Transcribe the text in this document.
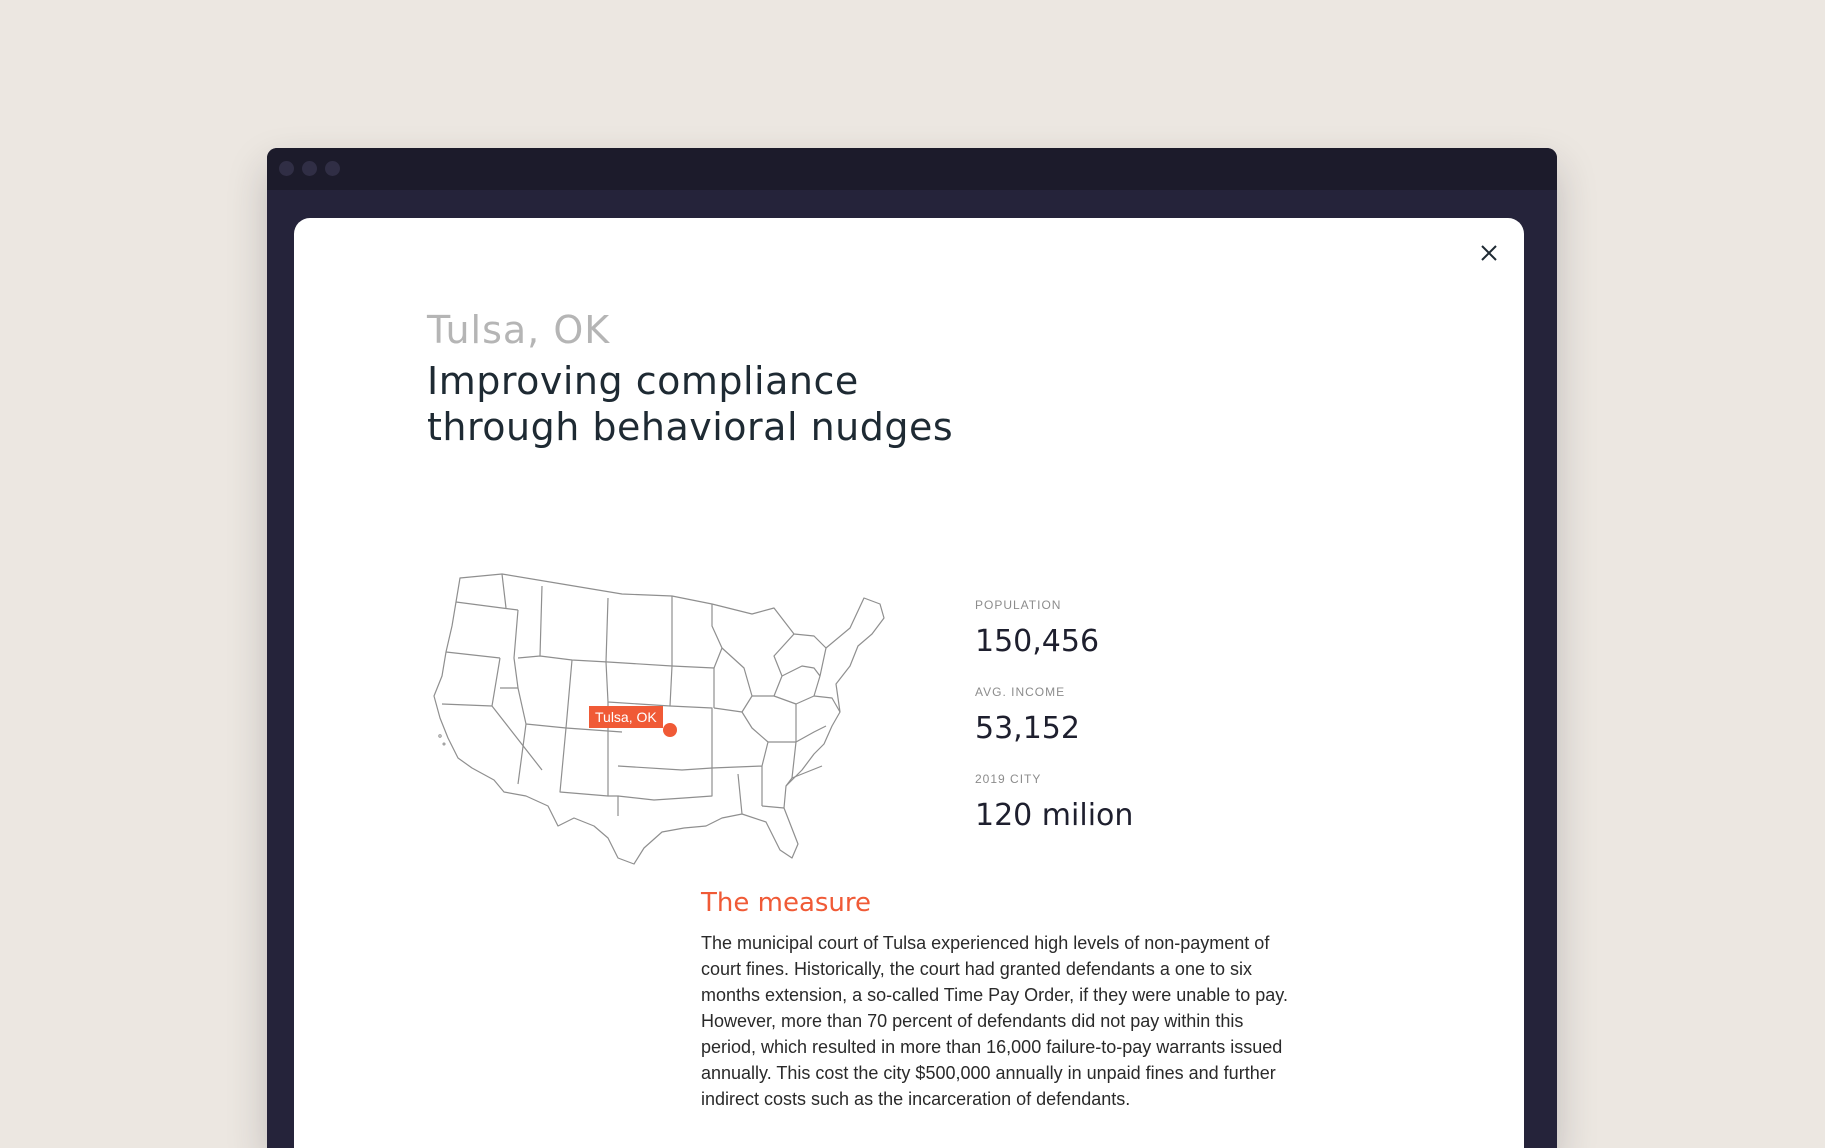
Tulsa, OK
Improving compliance through behavioral nudges
Tulsa, OK
POPULATION
150,456
AVG. INCOME
53,152
2019 CITY
120 milion
The measure
The municipal court of Tulsa experienced high levels of non-payment of court fines. Historically, the court had granted defendants a one to six months extension, a so-called Time Pay Order, if they were unable to pay. However, more than 70 percent of defendants did not pay within this period, which resulted in more than 16,000 failure-to-pay warrants issued annually. This cost the city $500,000 annually in unpaid fines and further indirect costs such as the incarceration of defendants.
